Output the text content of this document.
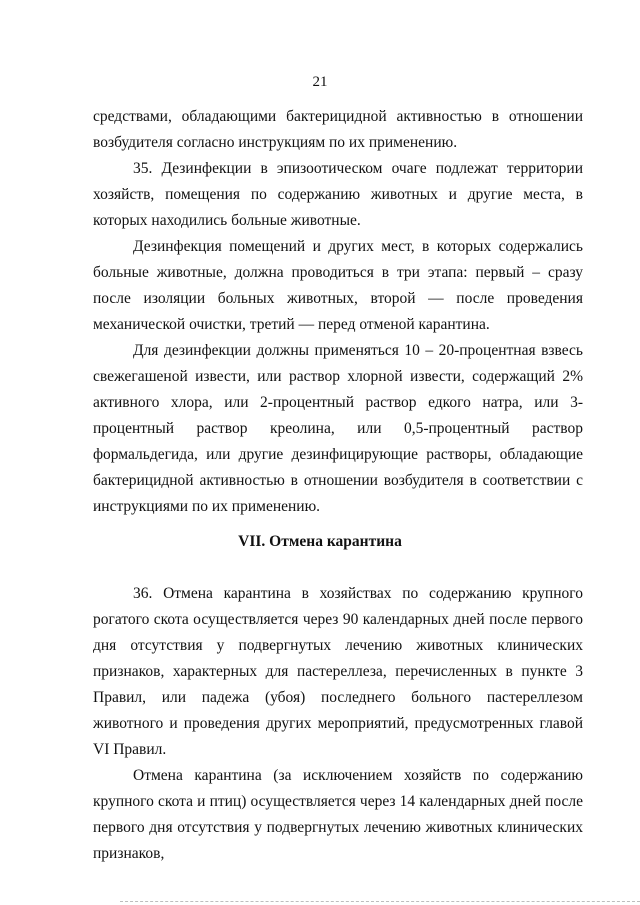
21

средствами, обладающими бактерицидной активностью в отношении возбудителя согласно инструкциям по их применению.

35. Дезинфекции в эпизоотическом очаге подлежат территории хозяйств, помещения по содержанию животных и другие места, в которых находились больные животные.

Дезинфекция помещений и других мест, в которых содержались больные животные, должна проводиться в три этапа: первый – сразу после изоляции больных животных, второй — после проведения механической очистки, третий — перед отменой карантина.

Для дезинфекции должны применяться 10 – 20-процентная взвесь свежегашеной извести, или раствор хлорной извести, содержащий 2% активного хлора, или 2-процентный раствор едкого натра, или 3-процентный раствор креолина, или 0,5-процентный раствор формальдегида, или другие дезинфицирующие растворы, обладающие бактерицидной активностью в отношении возбудителя в соответствии с инструкциями по их применению.

VII. Отмена карантина

36. Отмена карантина в хозяйствах по содержанию крупного рогатого скота осуществляется через 90 календарных дней после первого дня отсутствия у подвергнутых лечению животных клинических признаков, характерных для пастереллеза, перечисленных в пункте 3 Правил, или падежа (убоя) последнего больного пастереллезом животного и проведения других мероприятий, предусмотренных главой VI Правил.

Отмена карантина (за исключением хозяйств по содержанию крупного скота и птиц) осуществляется через 14 календарных дней после первого дня отсутствия у подвергнутых лечению животных клинических признаков,
